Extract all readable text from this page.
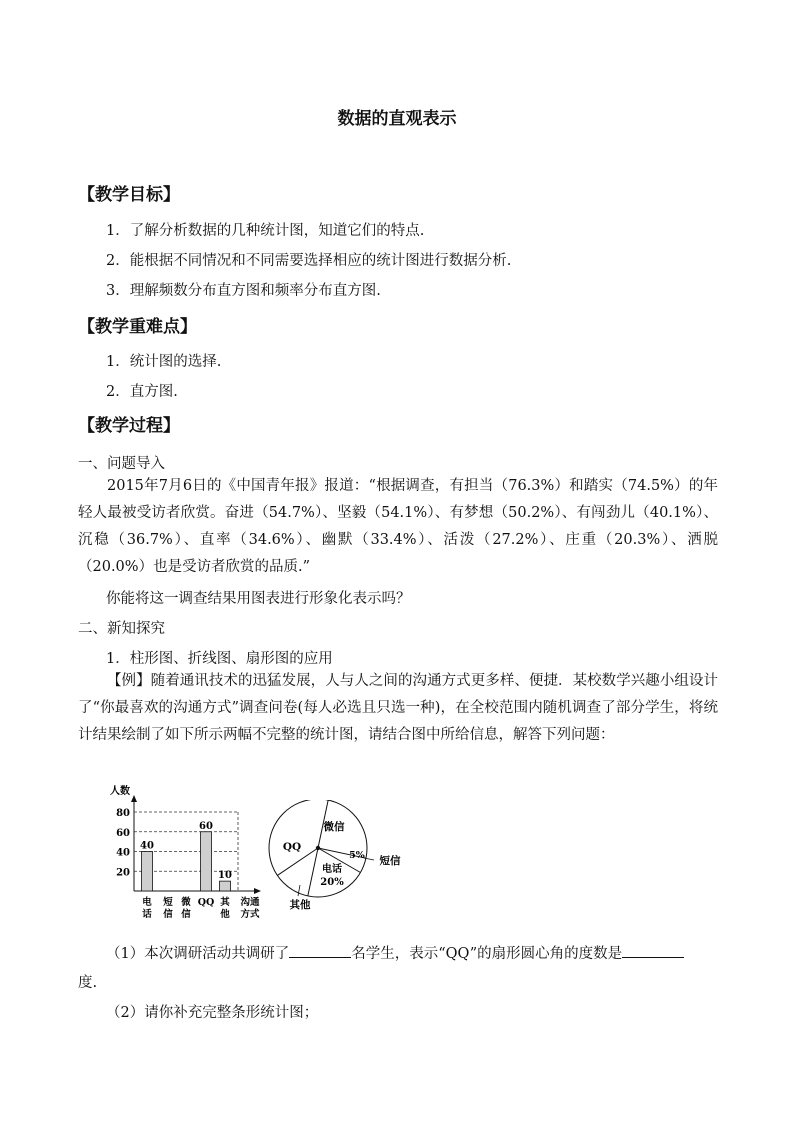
数据的直观表示
【教学目标】
1．了解分析数据的几种统计图，知道它们的特点.
2．能根据不同情况和不同需要选择相应的统计图进行数据分析.
3．理解频数分布直方图和频率分布直方图.
【教学重难点】
1．统计图的选择.
2．直方图.
【教学过程】
一、问题导入
2015年7月6日的《中国青年报》报道：“根据调查，有担当（76.3%）和踏实（74.5%）的年轻人最被受访者欣赏。奋进（54.7%）、坚毅（54.1%）、有梦想（50.2%）、有闯劲儿（40.1%）、沉稳（36.7%）、直率（34.6%）、幽默（33.4%）、活泼（27.2%）、庄重（20.3%）、洒脱（20.0%）也是受访者欣赏的品质.”
你能将这一调查结果用图表进行形象化表示吗？
二、新知探究
1．柱形图、折线图、扇形图的应用
【例】随着通讯技术的迅猛发展，人与人之间的沟通方式更多样、便捷．某校数学兴趣小组设计了“你最喜欢的沟通方式”调查问卷(每人必选且只选一种)，在全校范围内随机调查了部分学生，将统计结果绘制了如下所示两幅不完整的统计图，请结合图中所给信息，解答下列问题：
人数
20
40
60
80
40
电话
短信
微信
60
QQ
10
其他
沟通方式
微信
QQ
5% 短信
电话
20%
其他
（1）本次调研活动共调研了	名学生，表示“QQ”的扇形圆心角的度数是
度.
（2）请你补充完整条形统计图；
